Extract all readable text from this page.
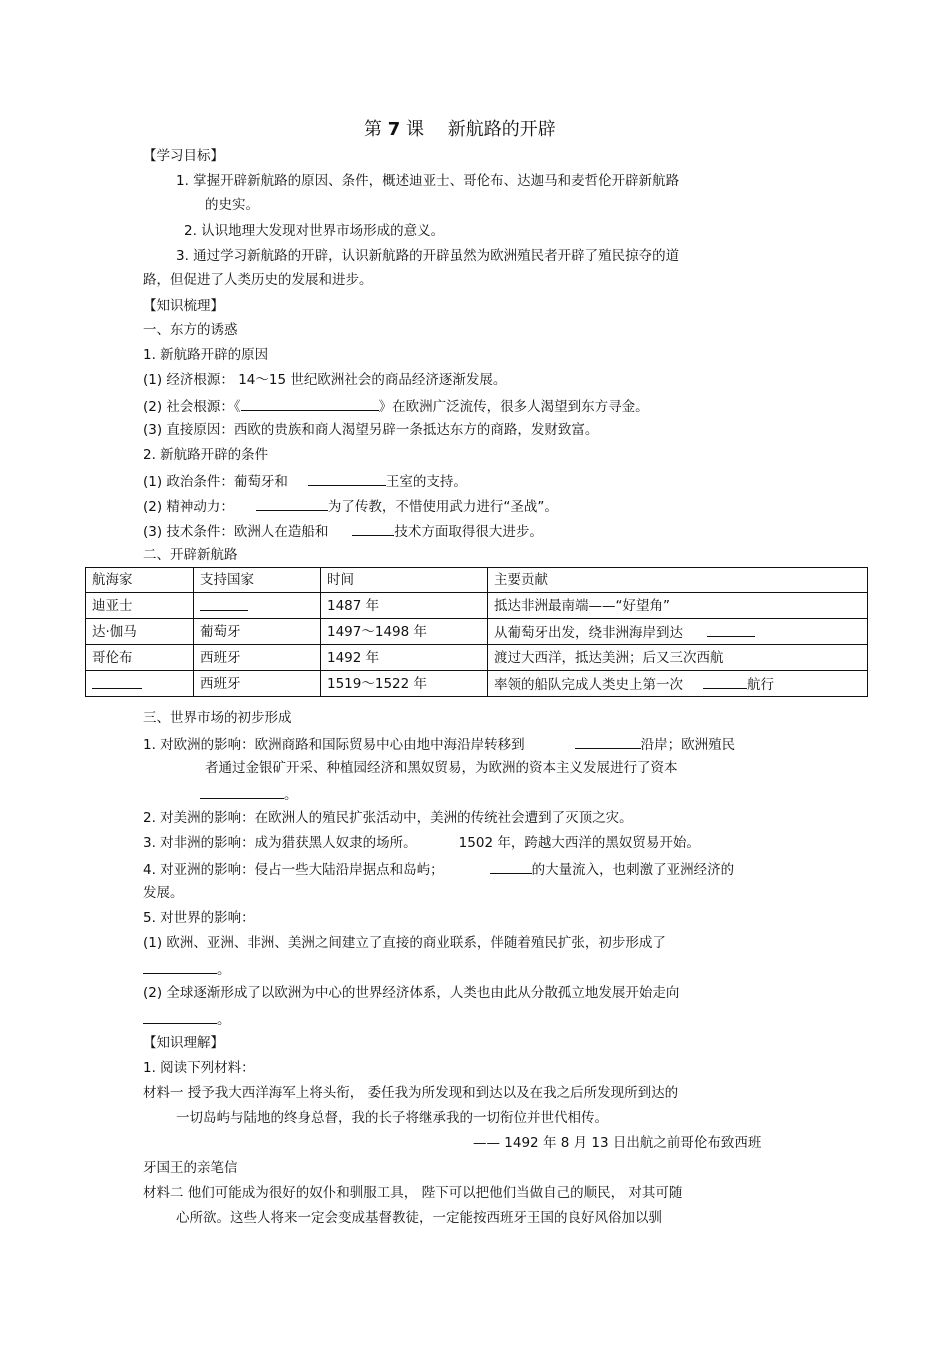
第 7 课 新航路的开辟
【学习目标】
1. 掌握开辟新航路的原因、条件，概述迪亚士、哥伦布、达迦马和麦哲伦开辟新航路
的史实。
2. 认识地理大发现对世界市场形成的意义。
3. 通过学习新航路的开辟，认识新航路的开辟虽然为欧洲殖民者开辟了殖民掠夺的道
路，但促进了人类历史的发展和进步。
【知识梳理】
一、东方的诱惑
1. 新航路开辟的原因
(1) 经济根源： 14～15 世纪欧洲社会的商品经济逐渐发展。
(2) 社会根源：《	》在欧洲广泛流传，很多人渴望到东方寻金。
(3) 直接原因：西欧的贵族和商人渴望另辟一条抵达东方的商路，发财致富。
2. 新航路开辟的条件
(1) 政治条件：葡萄牙和	王室的支持。
(2) 精神动力：	为了传教，不惜使用武力进行“圣战”。
(3) 技术条件：欧洲人在造船和	技术方面取得很大进步。
二、开辟新航路
航海家	支持国家	时间	主要贡献
迪亚士		1487 年	抵达非洲最南端——“好望角”
达·伽马	葡萄牙	1497～1498 年	从葡萄牙出发，绕非洲海岸到达
哥伦布	西班牙	1492 年	渡过大西洋，抵达美洲；后又三次西航
	西班牙	1519～1522 年	率领的船队完成人类史上第一次 航行
三、世界市场的初步形成
1. 对欧洲的影响：欧洲商路和国际贸易中心由地中海沿岸转移到	沿岸；欧洲殖民
者通过金银矿开采、种植园经济和黑奴贸易，为欧洲的资本主义发展进行了资本
。
2. 对美洲的影响：在欧洲人的殖民扩张活动中，美洲的传统社会遭到了灭顶之灾。
3. 对非洲的影响：成为猎获黑人奴隶的场所。	1502 年，跨越大西洋的黑奴贸易开始。
4. 对亚洲的影响：侵占一些大陆沿岸据点和岛屿；	的大量流入，也刺激了亚洲经济的
发展。
5. 对世界的影响：
(1) 欧洲、亚洲、非洲、美洲之间建立了直接的商业联系，伴随着殖民扩张，初步形成了
。
(2) 全球逐渐形成了以欧洲为中心的世界经济体系，人类也由此从分散孤立地发展开始走向
。
【知识理解】
1. 阅读下列材料：
材料一 授予我大西洋海军上将头衔， 委任我为所发现和到达以及在我之后所发现所到达的
一切岛屿与陆地的终身总督，我的长子将继承我的一切衔位并世代相传。
—— 1492 年 8 月 13 日出航之前哥伦布致西班
牙国王的亲笔信
材料二 他们可能成为很好的奴仆和驯服工具， 陛下可以把他们当做自己的顺民， 对其可随
心所欲。这些人将来一定会变成基督教徒，一定能按西班牙王国的良好风俗加以驯
